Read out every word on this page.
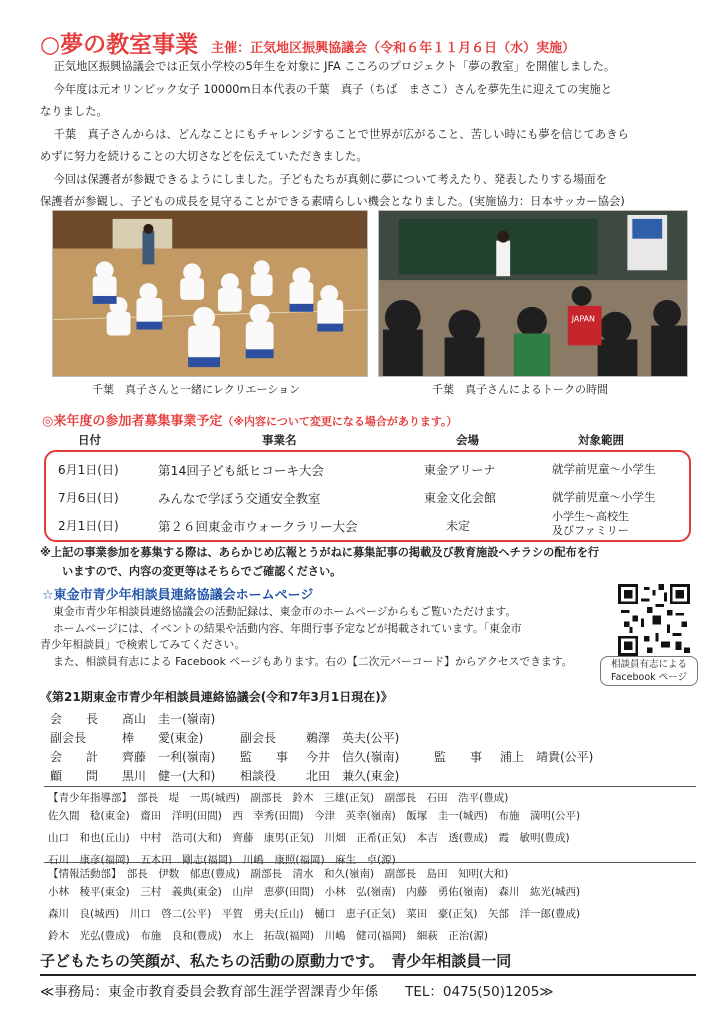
○夢の教室事業 主催：正気地区振興協議会（令和６年１１月６日（水）実施）

正気地区振興協議会では正気小学校の5年生を対象に JFA こころのプロジェクト「夢の教室」を開催しました。

今年度は元オリンピック女子 10000m日本代表の千葉　真子（ちば　まさこ）さんを夢先生に迎えての実施と

なりました。

千葉　真子さんからは、どんなことにもチャレンジすることで世界が広がること、苦しい時にも夢を信じてあきら

めずに努力を続けることの大切さなどを伝えていただきました。

今回は保護者が参観できるようにしました。子どもたちが真剣に夢について考えたり、発表したりする場面を

保護者が参観し、子どもの成長を見守ることができる素晴らしい機会となりました。(実施協力：日本サッカー協会)

JAPAN
千葉　真子さんと一緒にレクリエーション	千葉　真子さんによるトークの時間
◎来年度の参加者募集事業予定（※内容について変更になる場合があります。）
日付	事業名	会場	対象範囲
6月1日(日)	第14回子ども紙ヒコーキ大会	東金アリーナ	就学前児童～小学生
7月6日(日)	みんなで学ぼう交通安全教室	東金文化会館	就学前児童～小学生
2月1日(日)	第２６回東金市ウォークラリー大会	未定
小学生～高校生
及びファミリー
※上記の事業参加を募集する際は、あらかじめ広報とうがねに募集記事の掲載及び教育施設へチラシの配布を行
いますので、内容の変更等はそちらでご確認ください。
☆東金市青少年相談員連絡協議会ホームページ

東金市青少年相談員連絡協議会の活動記録は、東金市のホームページからもご覧いただけます。

ホームページには、イベントの結果や活動内容、年間行事予定などが掲載されています。「東金市

青少年相談員」で検索してみてください。

また、相談員有志による Facebook ページもあります。右の【二次元バーコード】からアクセスできます。	相談員有志による Facebook ページ
《第21期東金市青少年相談員連絡協議会(令和7年3月1日現在)》
会　　長 髙山　圭一(嶺南)
副会長	棒　　愛(東金)	副会長 鵜澤　英夫(公平)
会　　計 齊藤　一利(嶺南) 監　　事 今井　信久(嶺南)	監　　事 浦上　靖貴(公平)
顧　　問 黒川　健一(大和) 相談役 北田　兼久(東金)
【青少年指導部】　部長　堤　一馬(城西)　副部長　鈴木　三雄(正気)　副部長　石田　浩平(豊成)
佐久間　稔(東金)　齋田　洋明(田間)　西　幸秀(田間)　今津　英幸(嶺南)　飯塚　圭一(城西)　布施　満明(公平)
山口　和也(丘山)　中村　浩司(大和)　齊藤　康男(正気)　川畑　正希(正気)　本吉　透(豊成)　霞　敏明(豊成)
石川　康彦(福岡)　五木田　剛志(福岡)　川嶋　康照(福岡)　麻生　卓(源)
【情報活動部】　部長　伊数　郁恵(豊成)　副部長　清水　和久(嶺南)　副部長　島田　知明(大和)
小林　稜平(東金)　三村　義典(東金)　山岸　恵夢(田間)　小林　弘(嶺南)　内藤　勇佑(嶺南)　森川　紘光(城西)
森川　良(城西)　川口　啓二(公平)　平賀　勇夫(丘山)　樋口　恵子(正気)　菜田　豪(正気)　矢部　洋一郎(豊成)
鈴木　光弘(豊成)　布施　良和(豊成)　水上　拓哉(福岡)　川嶋　健司(福岡)　細萩　正治(源)
子どもたちの笑顔が、私たちの活動の原動力です。　青少年相談員一同
≪事務局：東金市教育委員会教育部生涯学習課青少年係　　TEL：0475(50)1205≫
